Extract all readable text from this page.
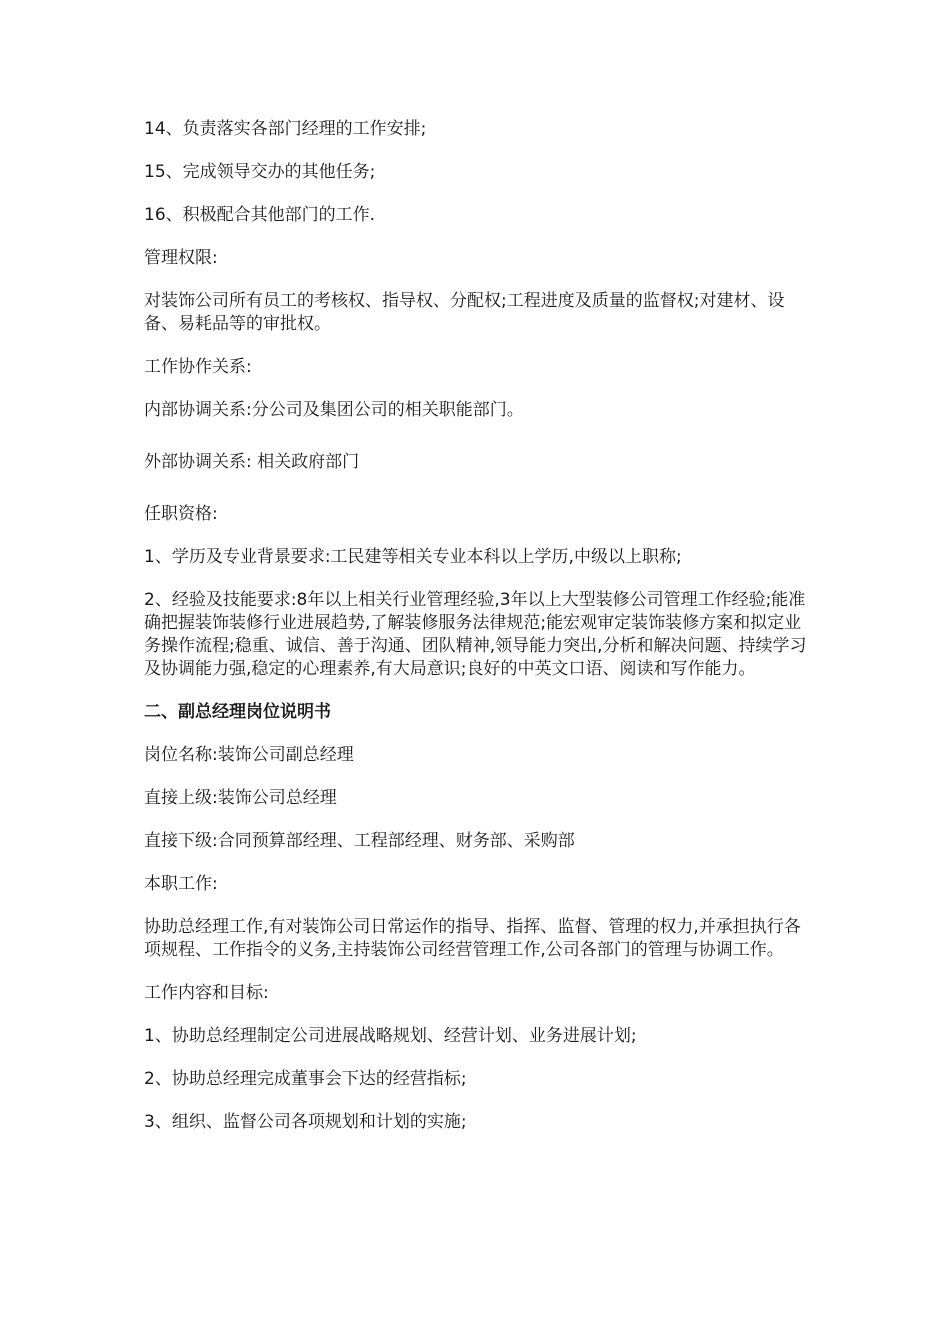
14、负责落实各部门经理的工作安排;

15、完成领导交办的其他任务;

16、积极配合其他部门的工作.

管理权限:

对装饰公司所有员工的考核权、指导权、分配权;工程进度及质量的监督权;对建材、设备、易耗品等的审批权。

工作协作关系:

内部协调关系:分公司及集团公司的相关职能部门。

外部协调关系: 相关政府部门

任职资格:

1、学历及专业背景要求:工民建等相关专业本科以上学历,中级以上职称;

2、经验及技能要求:8年以上相关行业管理经验,3年以上大型装修公司管理工作经验;能准确把握装饰装修行业进展趋势,了解装修服务法律规范;能宏观审定装饰装修方案和拟定业务操作流程;稳重、诚信、善于沟通、团队精神,领导能力突出,分析和解决问题、持续学习及协调能力强,稳定的心理素养,有大局意识;良好的中英文口语、阅读和写作能力。

二、副总经理岗位说明书

岗位名称:装饰公司副总经理

直接上级:装饰公司总经理

直接下级:合同预算部经理、工程部经理、财务部、采购部

本职工作:

协助总经理工作,有对装饰公司日常运作的指导、指挥、监督、管理的权力,并承担执行各项规程、工作指令的义务,主持装饰公司经营管理工作,公司各部门的管理与协调工作。

工作内容和目标:

1、协助总经理制定公司进展战略规划、经营计划、业务进展计划;

2、协助总经理完成董事会下达的经营指标;

3、组织、监督公司各项规划和计划的实施;
